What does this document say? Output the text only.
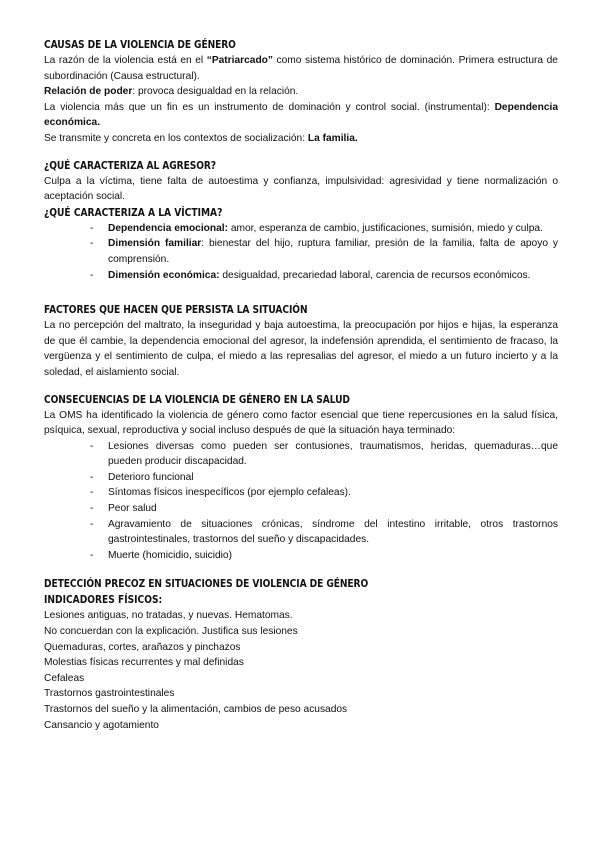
CAUSAS DE LA VIOLENCIA DE GÉNERO

La razón de la violencia está en el “Patriarcado” como sistema histórico de dominación. Primera estructura de subordinación (Causa estructural).

Relación de poder: provoca desigualdad en la relación.

La violencia más que un fin es un instrumento de dominación y control social. (instrumental): Dependencia económica.

Se transmite y concreta en los contextos de socialización: La familia.

¿QUÉ CARACTERIZA AL AGRESOR?

Culpa a la víctima, tiene falta de autoestima y confianza, impulsividad: agresividad y tiene normalización o aceptación social.

¿QUÉ CARACTERIZA A LA VÍCTIMA?
- Dependencia emocional: amor, esperanza de cambio, justificaciones, sumisión, miedo y culpa.
- Dimensión familiar: bienestar del hijo, ruptura familiar, presión de la familia, falta de apoyo y comprensión.
- Dimensión económica: desigualdad, precariedad laboral, carencia de recursos económicos.
FACTORES QUE HACEN QUE PERSISTA LA SITUACIÓN

La no percepción del maltrato, la inseguridad y baja autoestima, la preocupación por hijos e hijas, la esperanza de que él cambie, la dependencia emocional del agresor, la indefensión aprendida, el sentimiento de fracaso, la vergüenza y el sentimiento de culpa, el miedo a las represalias del agresor, el miedo a un futuro incierto y a la soledad, el aislamiento social.

CONSECUENCIAS DE LA VIOLENCIA DE GÉNERO EN LA SALUD

La OMS ha identificado la violencia de género como factor esencial que tiene repercusiones en la salud física, psíquica, sexual, reproductiva y social incluso después de que la situación haya terminado:

- Lesiones diversas como pueden ser contusiones, traumatismos, heridas, quemaduras…que pueden producir discapacidad.
- Deterioro funcional
- Síntomas físicos inespecíficos (por ejemplo cefaleas).
- Peor salud
- Agravamiento de situaciones crónicas, síndrome del intestino irritable, otros trastornos gastrointestinales, trastornos del sueño y discapacidades.
- Muerte (homicidio, suicidio)
DETECCIÓN PRECOZ EN SITUACIONES DE VIOLENCIA DE GÉNERO
INDICADORES FÍSICOS:

Lesiones antiguas, no tratadas, y nuevas. Hematomas.

No concuerdan con la explicación. Justifica sus lesiones

Quemaduras, cortes, arañazos y pinchazos

Molestias físicas recurrentes y mal definidas

Cefaleas

Trastornos gastrointestinales

Trastornos del sueño y la alimentación, cambios de peso acusados

Cansancio y agotamiento
